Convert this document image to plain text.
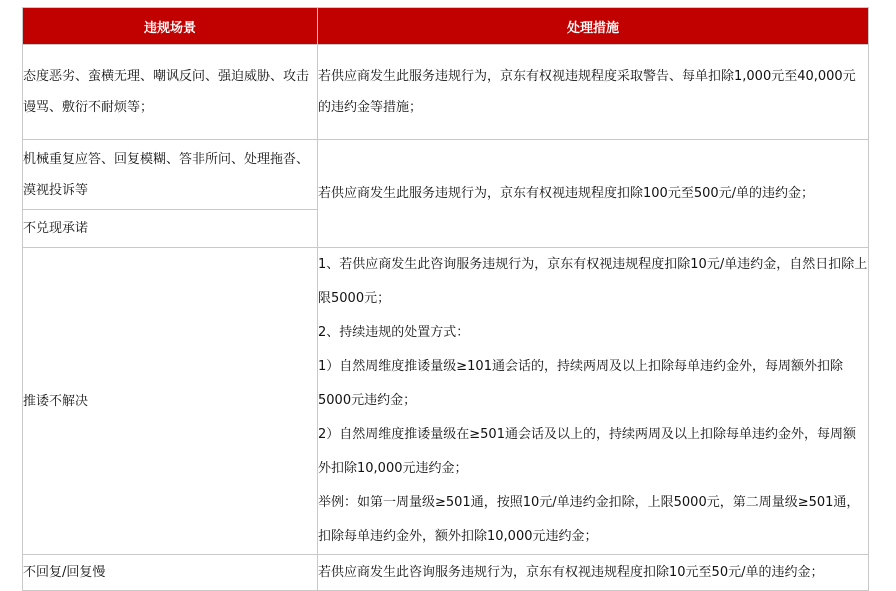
违规场景	处理措施
态度恶劣、蛮横无理、嘲讽反问、强迫威胁、攻击谩骂、敷衍不耐烦等；	若供应商发生此服务违规行为，京东有权视违规程度采取警告、每单扣除1,000元至40,000元的违约金等措施；
机械重复应答、回复模糊、答非所问、处理拖沓、漠视投诉等	若供应商发生此服务违规行为，京东有权视违规程度扣除100元至500元/单的违约金；
不兑现承诺	
推诿不解决	1、若供应商发生此咨询服务违规行为，京东有权视违规程度扣除10元/单违约金，自然日扣除上限5000元；
2、持续违规的处置方式：
1）自然周维度推诿量级≥101通会话的，持续两周及以上扣除每单违约金外，每周额外扣除5000元违约金；
2）自然周维度推诿量级在≥501通会话及以上的，持续两周及以上扣除每单违约金外，每周额外扣除10,000元违约金；
举例：如第一周量级≥501通，按照10元/单违约金扣除，上限5000元，第二周量级≥501通，扣除每单违约金外，额外扣除10,000元违约金；

不回复/回复慢	若供应商发生此咨询服务违规行为，京东有权视违规程度扣除10元至50元/单的违约金；
